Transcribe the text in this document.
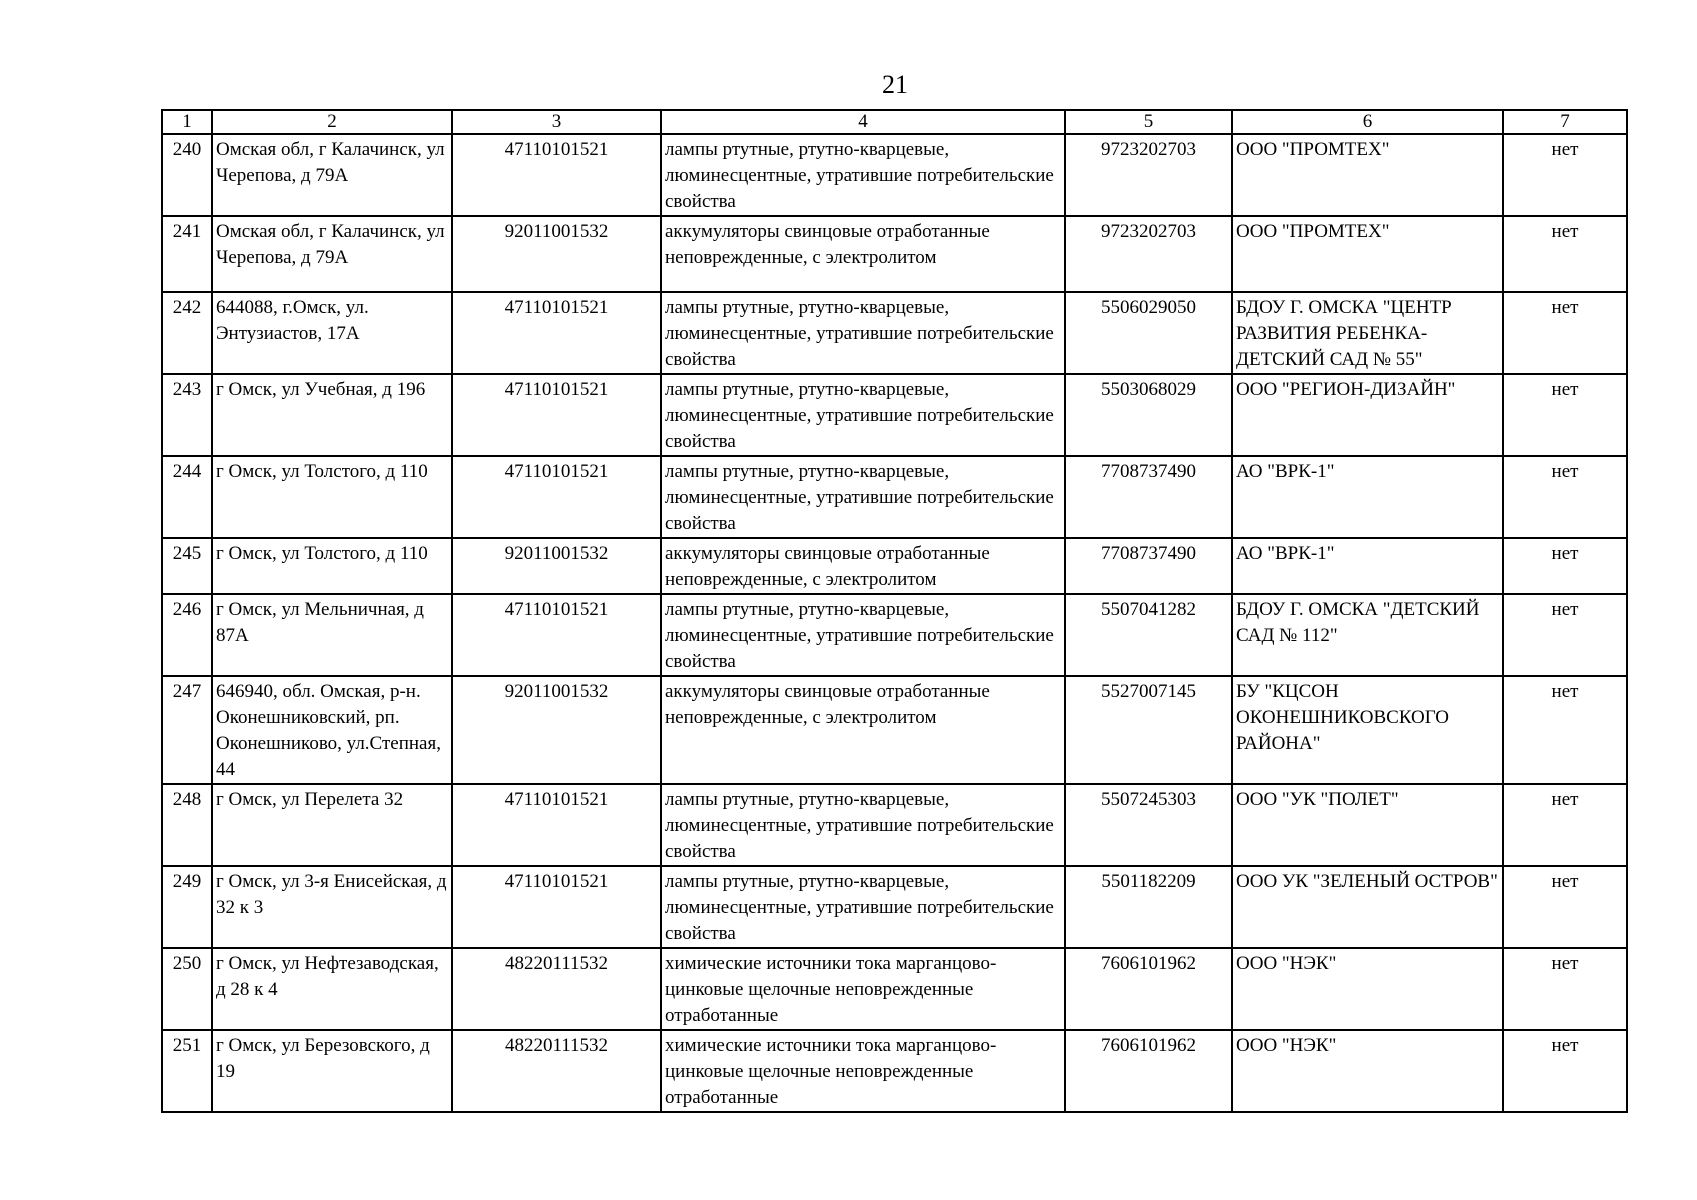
21
1	2	3	4	5	6	7
240	Омская обл, г Калачинск, ул Черепова, д 79А	47110101521	лампы ртутные, ртутно-кварцевые, люминесцентные, утратившие потребительские свойства	9723202703	ООО "ПРОМТЕХ"	нет
241	Омская обл, г Калачинск, ул Черепова, д 79А	92011001532	аккумуляторы свинцовые отработанные неповрежденные, с электролитом	9723202703	ООО "ПРОМТЕХ"	нет
242	644088, г.Омск, ул. Энтузиастов, 17А	47110101521	лампы ртутные, ртутно-кварцевые, люминесцентные, утратившие потребительские свойства	5506029050	БДОУ Г. ОМСКА "ЦЕНТР РАЗВИТИЯ РЕБЕНКА-ДЕТСКИЙ САД № 55"	нет
243	г Омск, ул Учебная, д 196	47110101521	лампы ртутные, ртутно-кварцевые, люминесцентные, утратившие потребительские свойства	5503068029	ООО "РЕГИОН-ДИЗАЙН"	нет
244	г Омск, ул Толстого, д 110	47110101521	лампы ртутные, ртутно-кварцевые, люминесцентные, утратившие потребительские свойства	7708737490	АО "ВРК-1"	нет
245	г Омск, ул Толстого, д 110	92011001532	аккумуляторы свинцовые отработанные неповрежденные, с электролитом	7708737490	АО "ВРК-1"	нет
246	г Омск, ул Мельничная, д 87А	47110101521	лампы ртутные, ртутно-кварцевые, люминесцентные, утратившие потребительские свойства	5507041282	БДОУ Г. ОМСКА "ДЕТСКИЙ САД № 112"	нет
247	646940, обл. Омская, р-н. Оконешниковский, рп. Оконешниково, ул.Степная, 44	92011001532	аккумуляторы свинцовые отработанные неповрежденные, с электролитом	5527007145	БУ "КЦСОН ОКОНЕШНИКОВСКОГО РАЙОНА"	нет
248	г Омск, ул Перелета 32	47110101521	лампы ртутные, ртутно-кварцевые, люминесцентные, утратившие потребительские свойства	5507245303	ООО "УК "ПОЛЕТ"	нет
249	г Омск, ул 3-я Енисейская, д 32 к 3	47110101521	лампы ртутные, ртутно-кварцевые, люминесцентные, утратившие потребительские свойства	5501182209	ООО УК "ЗЕЛЕНЫЙ ОСТРОВ"	нет
250	г Омск, ул Нефтезаводская, д 28 к 4	48220111532	химические источники тока марганцово-цинковые щелочные неповрежденные отработанные	7606101962	ООО "НЭК"	нет
251	г Омск, ул Березовского, д 19	48220111532	химические источники тока марганцово-цинковые щелочные неповрежденные отработанные	7606101962	ООО "НЭК"	нет
